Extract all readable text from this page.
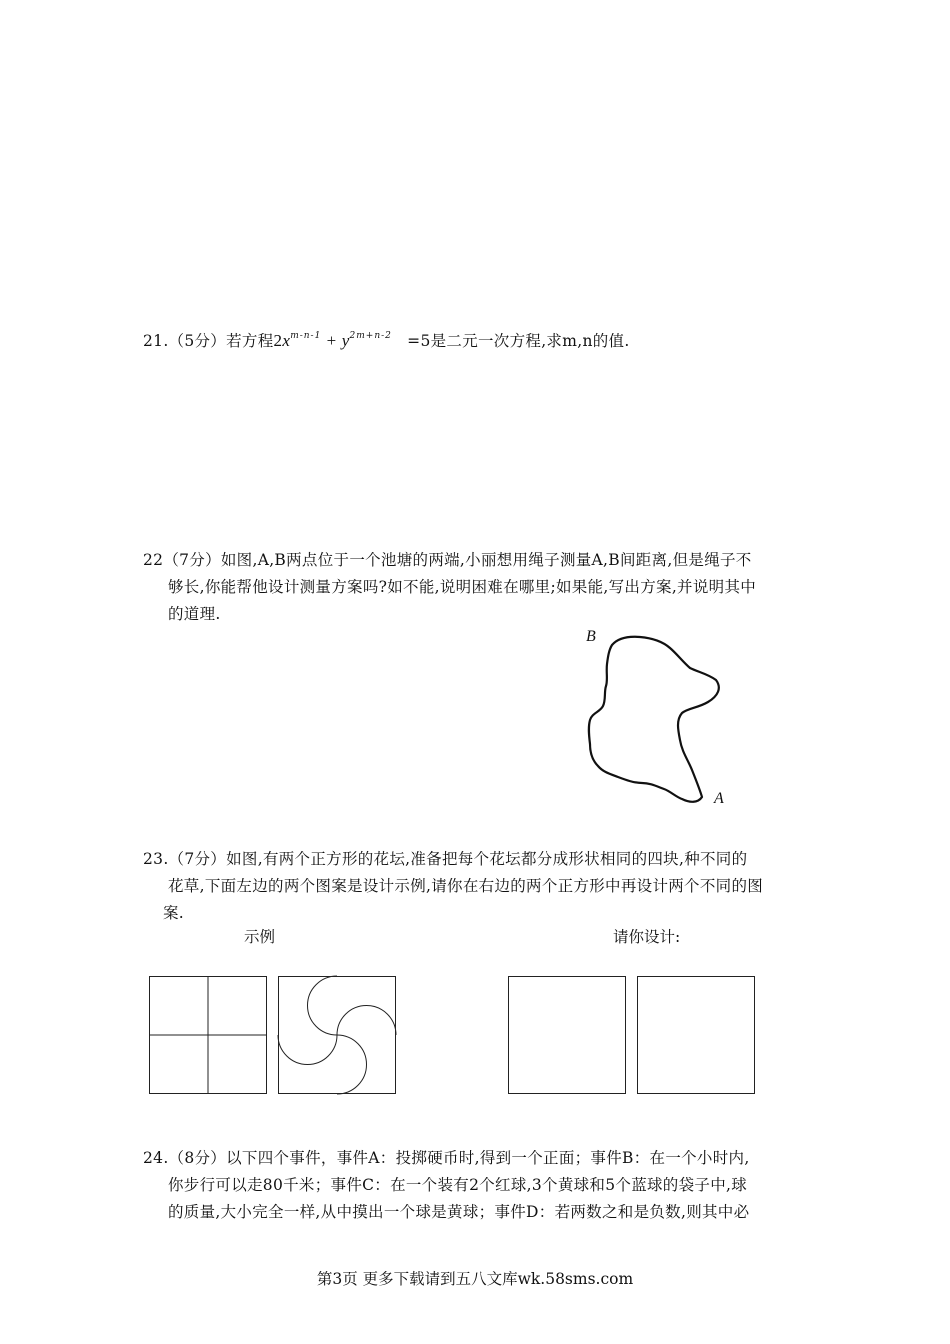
21.（5分）若方程$2x^{m-n-1} + y^{2m+n-2} =5$是二元一次方程,求m,n的值.
22（7分）如图,A,B两点位于一个池塘的两端,小丽想用绳子测量A,B间距离,但是绳子不
够长,你能帮他设计测量方案吗?如不能,说明困难在哪里;如果能,写出方案,并说明其中
的道理.
B
A
23.（7分）如图,有两个正方形的花坛,准备把每个花坛都分成形状相同的四块,种不同的
花草,下面左边的两个图案是设计示例,请你在右边的两个正方形中再设计两个不同的图
案.
示例	请你设计:
24.（8分）以下四个事件，事件A：投掷硬币时,得到一个正面；事件B：在一个小时内,
你步行可以走80千米；事件C：在一个装有2个红球,3个黄球和5个蓝球的袋子中,球
的质量,大小完全一样,从中摸出一个球是黄球；事件D：若两数之和是负数,则其中必
第3页 更多下载请到五八文库wk.58sms.com
